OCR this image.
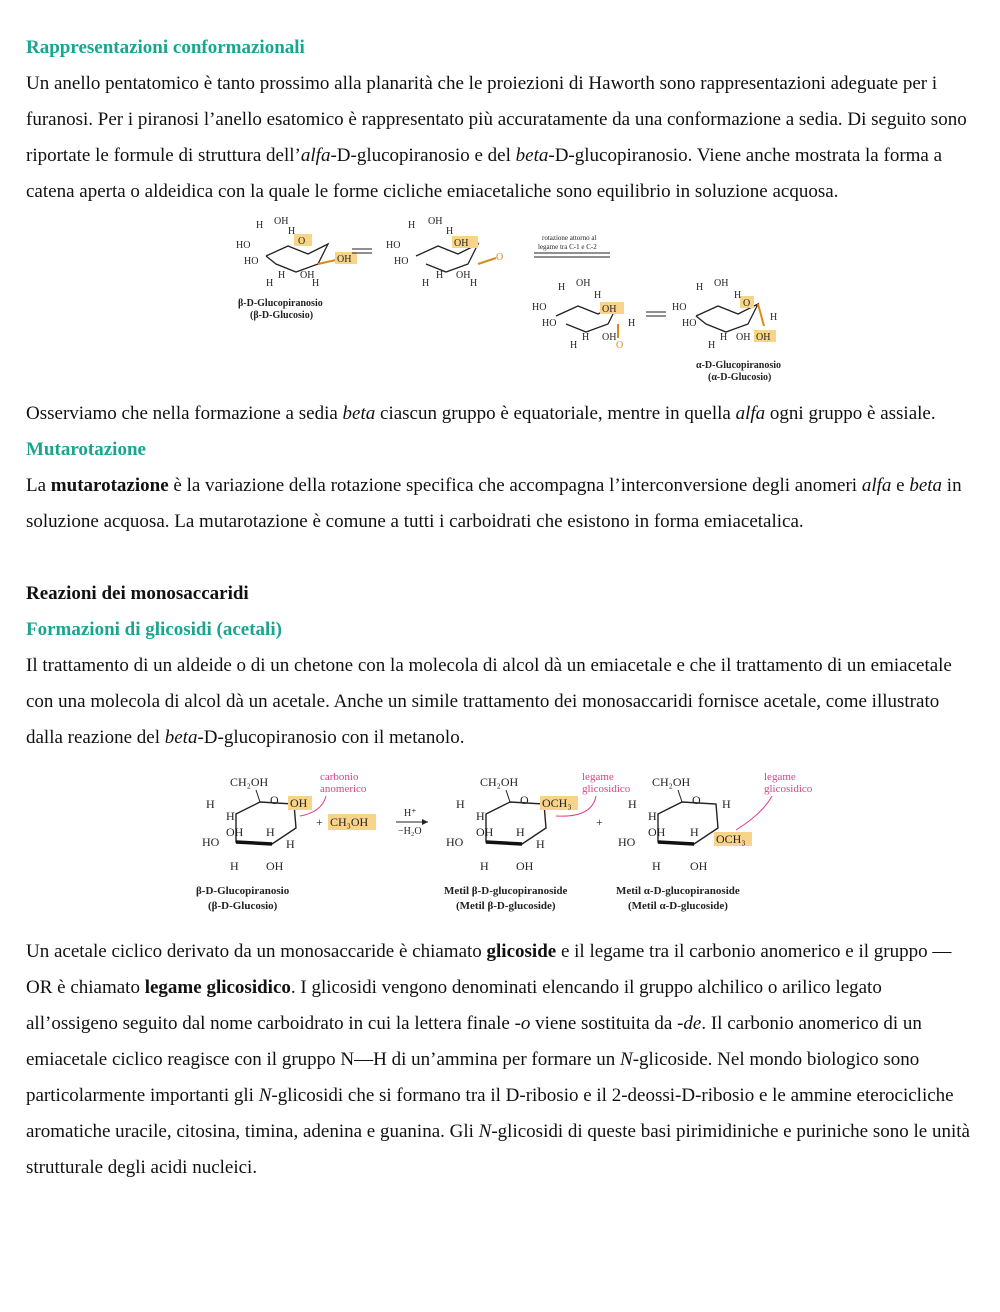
Rappresentazioni conformazionali

Un anello pentatomico è tanto prossimo alla planarità che le proiezioni di Haworth sono rappresentazioni adeguate per i furanosi. Per i piranosi l’anello esatomico è rappresentato più accuratamente da una conformazione a sedia. Di seguito sono riportate le formule di struttura dell’alfa-D-glucopiranosio e del beta-D-glucopiranosio. Viene anche mostrata la forma a catena aperta o aldeidica con la quale le forme cicliche emiacetaliche sono equilibrio in soluzione acquosa.

O
OH
HO
HO
H OH
H
H OH
H	H
β-D-Glucopiranosio
(β-D-Glucosio)
OH
O
HO
HO
H OH
H
H OH
H	H
rotazione attorno al
legame tra C-1 e C-2
OH
O
H
HO
HO
H OH
H
H OH
H
O
OH
H
HO
HO
H OH
H
H OH
H
α-D-Glucopiranosio
(α-D-Glucosio)

Osserviamo che nella formazione a sedia beta ciascun gruppo è equatoriale, mentre in quella alfa ogni gruppo è assiale.

Mutarotazione

La mutarotazione è la variazione della rotazione specifica che accompagna l’interconversione degli anomeri alfa e beta in soluzione acquosa. La mutarotazione è comune a tutti i carboidrati che esistono in forma emiacetalica.

Reazioni dei monosaccaridi
Formazioni di glicosidi (acetali)

Il trattamento di un aldeide o di un chetone con la molecola di alcol dà un emiacetale e che il trattamento di un emiacetale con una molecola di alcol dà un acetale. Anche un simile trattamento dei monosaccaridi fornisce acetale, come illustrato dalla reazione del beta-D-glucopiranosio con il metanolo.

CH₂OH
O OH
H
H
OH H
HO	H
H OH
carbonio
anomerico
β-D-Glucopiranosio
(β-D-Glucosio)
+ CH₃OH
H⁺
−H₂O
CH₂OH
O OCH₃
H
H
OH H
HO	H
H OH
legame
glicosidico
Metil β-D-glucopiranoside
(Metil β-D-glucoside)
+
CH₂OH
O H
OCH₃
H
H
OH H
HO
H OH
legame
glicosidico
Metil α-D-glucopiranoside
(Metil α-D-glucoside)

Un acetale ciclico derivato da un monosaccaride è chiamato glicoside e il legame tra il carbonio anomerico e il gruppo —OR è chiamato legame glicosidico. I glicosidi vengono denominati elencando il gruppo alchilico o arilico legato all’ossigeno seguito dal nome carboidrato in cui la lettera finale -o viene sostituita da -de. Il carbonio anomerico di un emiacetale ciclico reagisce con il gruppo N—H di un’ammina per formare un N-glicoside. Nel mondo biologico sono particolarmente importanti gli N-glicosidi che si formano tra il D-ribosio e il 2-deossi-D-ribosio e le ammine eterocicliche aromatiche uracile, citosina, timina, adenina e guanina. Gli N-glicosidi di queste basi pirimidiniche e puriniche sono le unità strutturale degli acidi nucleici.
